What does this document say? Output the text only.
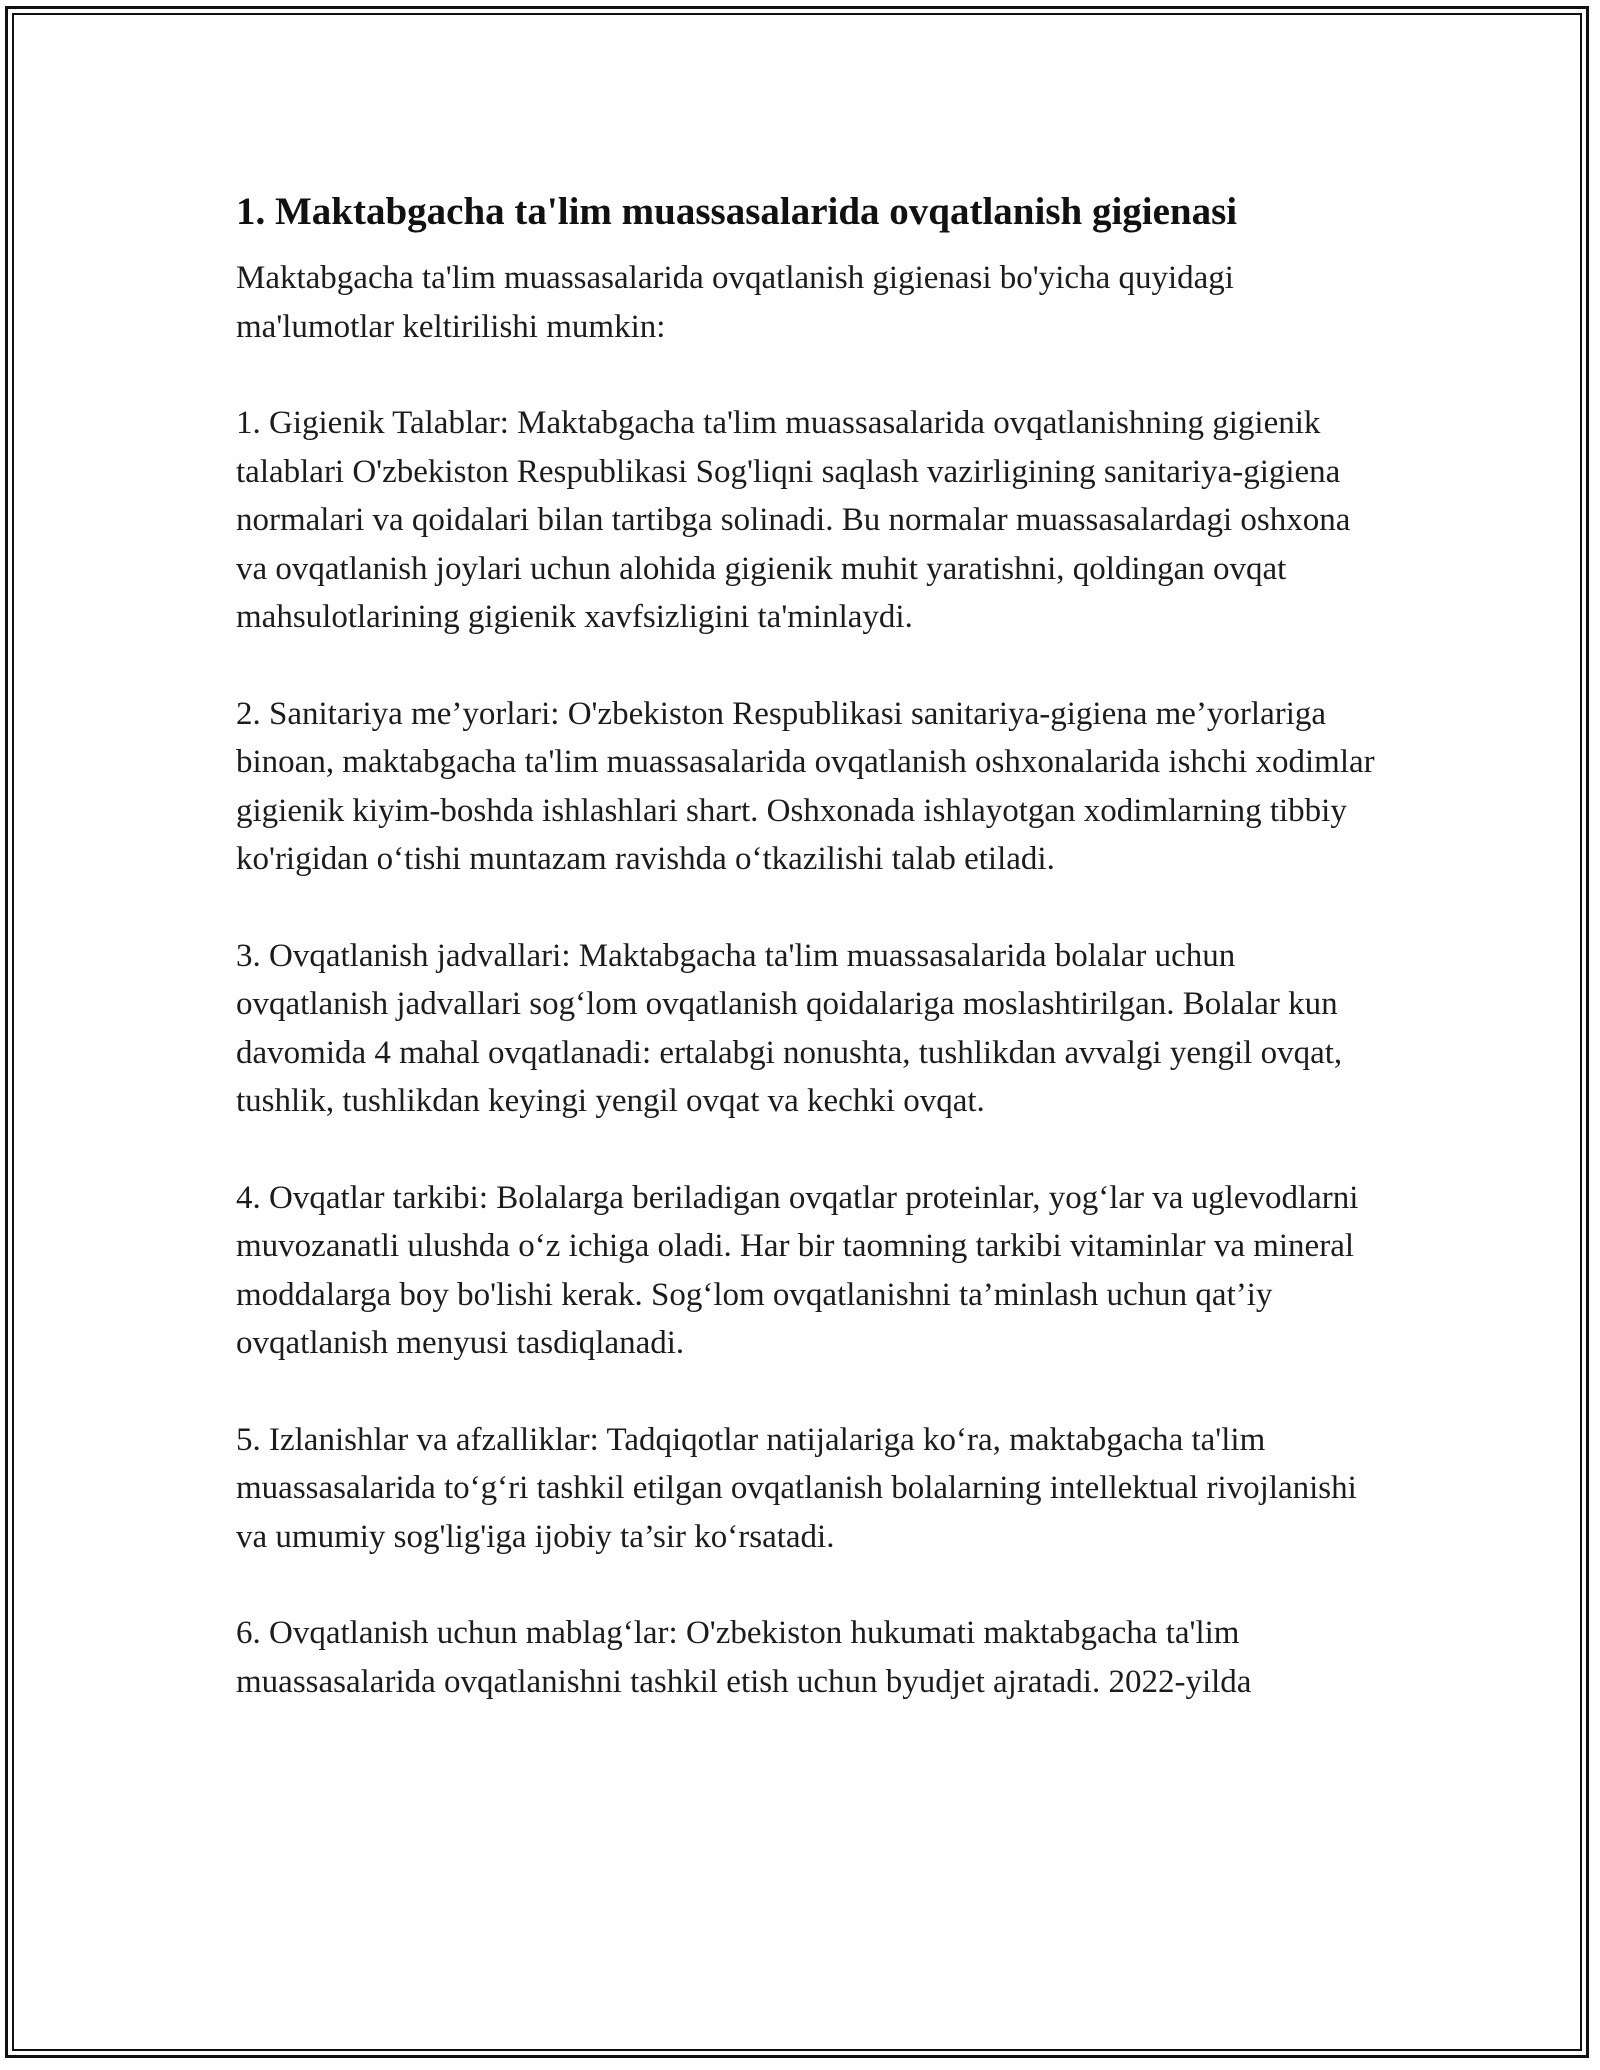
1. Maktabgacha ta'lim muassasalarida ovqatlanish gigienasi

Maktabgacha ta'lim muassasalarida ovqatlanish gigienasi bo'yicha quyidagi ma'lumotlar keltirilishi mumkin:

1. Gigienik Talablar: Maktabgacha ta'lim muassasalarida ovqatlanishning gigienik talablari O'zbekiston Respublikasi Sog'liqni saqlash vazirligining sanitariya-gigiena normalari va qoidalari bilan tartibga solinadi. Bu normalar muassasalardagi oshxona va ovqatlanish joylari uchun alohida gigienik muhit yaratishni, qoldingan ovqat mahsulotlarining gigienik xavfsizligini ta'minlaydi.

2. Sanitariya me’yorlari: O'zbekiston Respublikasi sanitariya-gigiena me’yorlariga binoan, maktabgacha ta'lim muassasalarida ovqatlanish oshxonalarida ishchi xodimlar gigienik kiyim-boshda ishlashlari shart. Oshxonada ishlayotgan xodimlarning tibbiy ko'rigidan o‘tishi muntazam ravishda o‘tkazilishi talab etiladi.

3. Ovqatlanish jadvallari: Maktabgacha ta'lim muassasalarida bolalar uchun ovqatlanish jadvallari sog‘lom ovqatlanish qoidalariga moslashtirilgan. Bolalar kun davomida 4 mahal ovqatlanadi: ertalabgi nonushta, tushlikdan avvalgi yengil ovqat, tushlik, tushlikdan keyingi yengil ovqat va kechki ovqat.

4. Ovqatlar tarkibi: Bolalarga beriladigan ovqatlar proteinlar, yog‘lar va uglevodlarni muvozanatli ulushda o‘z ichiga oladi. Har bir taomning tarkibi vitaminlar va mineral moddalarga boy bo'lishi kerak. Sog‘lom ovqatlanishni ta’minlash uchun qat’iy ovqatlanish menyusi tasdiqlanadi.

5. Izlanishlar va afzalliklar: Tadqiqotlar natijalariga ko‘ra, maktabgacha ta'lim muassasalarida to‘g‘ri tashkil etilgan ovqatlanish bolalarning intellektual rivojlanishi va umumiy sog'lig'iga ijobiy ta’sir ko‘rsatadi.

6. Ovqatlanish uchun mablag‘lar: O'zbekiston hukumati maktabgacha ta'lim muassasalarida ovqatlanishni tashkil etish uchun byudjet ajratadi. 2022-yilda
